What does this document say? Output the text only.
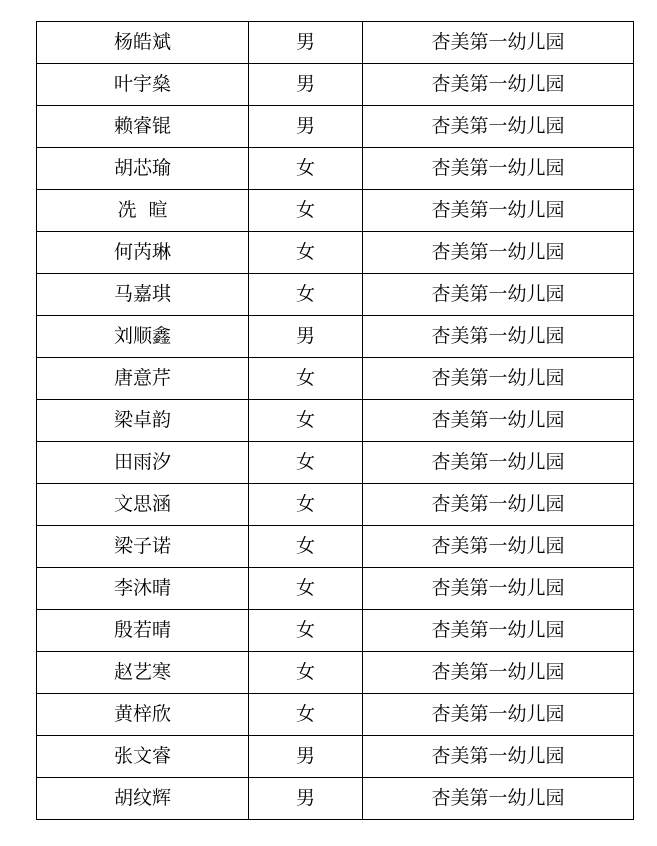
杨皓斌	男	杏美第一幼儿园
叶宇燊	男	杏美第一幼儿园
赖睿锟	男	杏美第一幼儿园
胡芯瑜	女	杏美第一幼儿园
冼  暄	女	杏美第一幼儿园
何芮琳	女	杏美第一幼儿园
马嘉琪	女	杏美第一幼儿园
刘顺鑫	男	杏美第一幼儿园
唐意芹	女	杏美第一幼儿园
梁卓韵	女	杏美第一幼儿园
田雨汐	女	杏美第一幼儿园
文思涵	女	杏美第一幼儿园
梁子诺	女	杏美第一幼儿园
李沐晴	女	杏美第一幼儿园
殷若晴	女	杏美第一幼儿园
赵艺寒	女	杏美第一幼儿园
黄梓欣	女	杏美第一幼儿园
张文睿	男	杏美第一幼儿园
胡纹辉	男	杏美第一幼儿园
